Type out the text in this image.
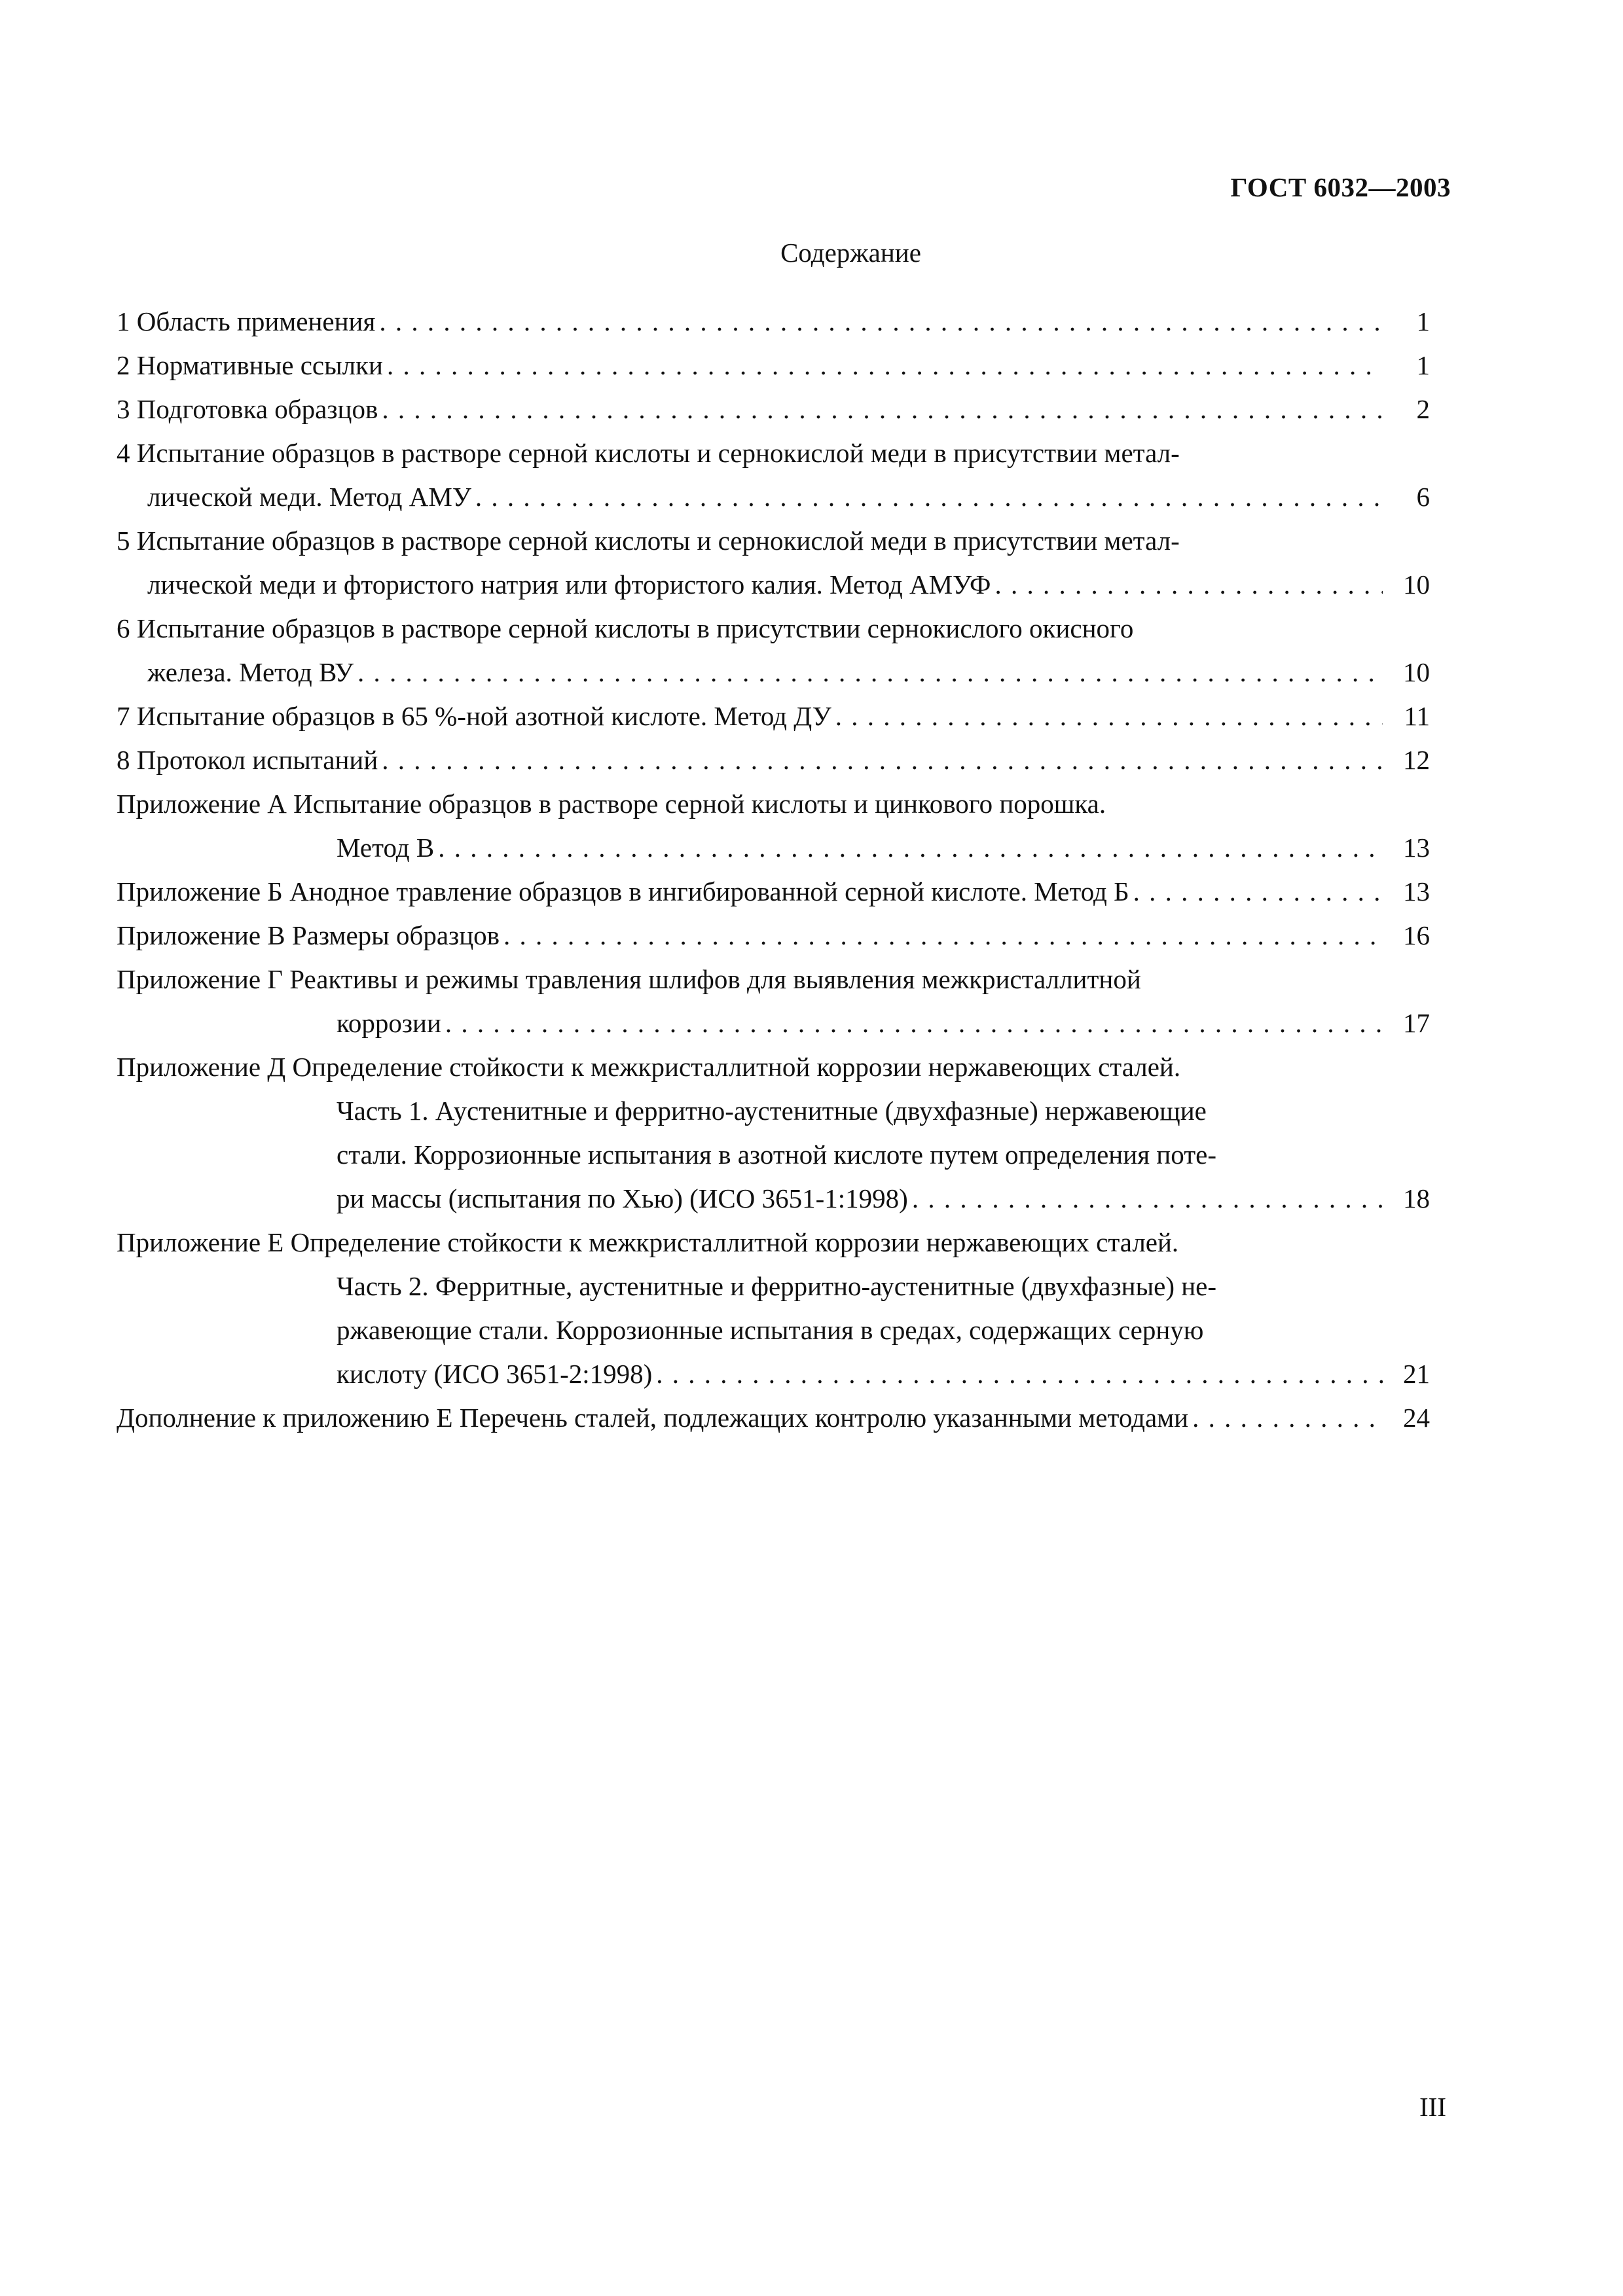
ГОСТ 6032—2003
Содержание
1 Область применения . . .	1
2 Нормативные ссылки . . .	1
3 Подготовка образцов . . .	2
4 Испытание образцов в растворе серной кислоты и сернокислой меди в присутствии метал-
лической меди. Метод АМУ . . .	6
5 Испытание образцов в растворе серной кислоты и сернокислой меди в присутствии метал-
лической меди и фтористого натрия или фтористого калия. Метод АМУФ . . .	10
6 Испытание образцов в растворе серной кислоты в присутствии сернокислого окисного
железа. Метод ВУ . . .	10
7 Испытание образцов в 65 %-ной азотной кислоте. Метод ДУ . . .	11
8 Протокол испытаний . . .	12
Приложение А Испытание образцов в растворе серной кислоты и цинкового порошка.
Метод В . . .	13
Приложение Б Анодное травление образцов в ингибированной серной кислоте. Метод Б . . .	13
Приложение В Размеры образцов . . .	16
Приложение Г Реактивы и режимы травления шлифов для выявления межкристаллитной
коррозии . . .	17
Приложение Д Определение стойкости к межкристаллитной коррозии нержавеющих сталей.
Часть 1. Аустенитные и ферритно-аустенитные (двухфазные) нержавеющие
стали. Коррозионные испытания в азотной кислоте путем определения поте-
ри массы (испытания по Хью) (ИСО 3651-1:1998) . . .	18
Приложение Е Определение стойкости к межкристаллитной коррозии нержавеющих сталей.
Часть 2. Ферритные, аустенитные и ферритно-аустенитные (двухфазные) не-
ржавеющие стали. Коррозионные испытания в средах, содержащих серную
кислоту (ИСО 3651-2:1998) . . .	21
Дополнение к приложению Е Перечень сталей, подлежащих контролю указанными методами . . .	24
III
